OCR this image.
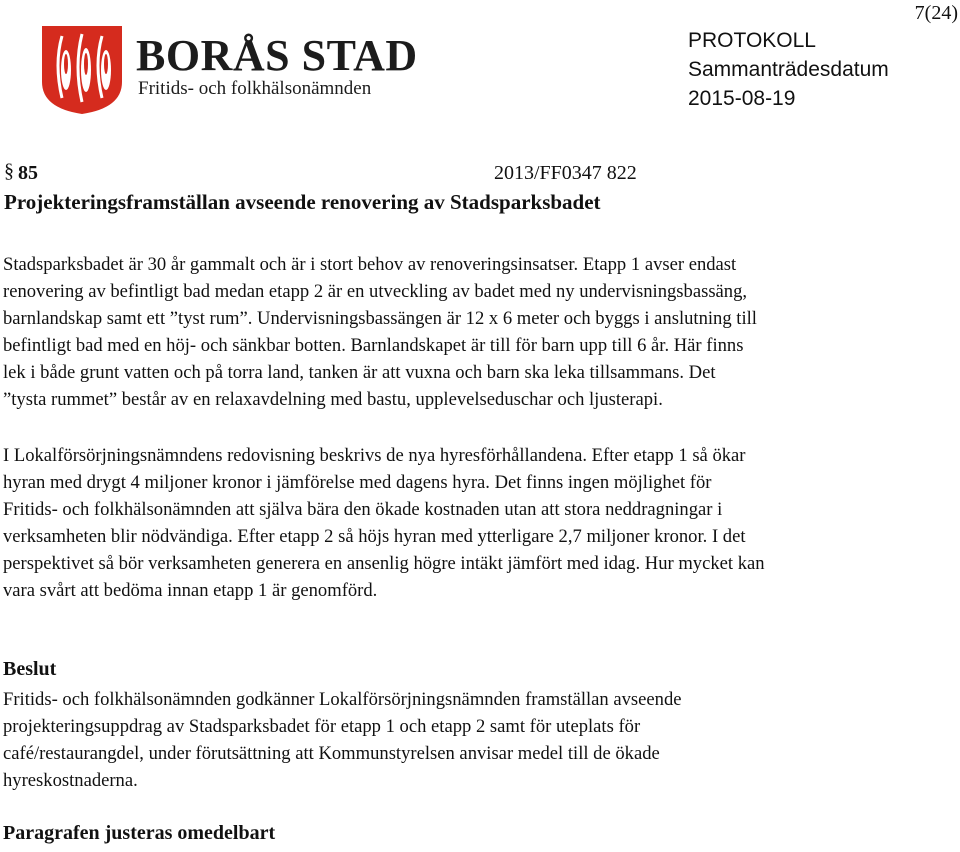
7(24)
BORÅS STAD
Fritids- och folkhälsonämnden
PROTOKOLL
Sammanträdesdatum
2015-08-19
§ 85	2013/FF0347 822
Projekteringsframställan avseende renovering av Stadsparksbadet

Stadsparksbadet är 30 år gammalt och är i stort behov av renoveringsinsatser. Etapp 1 avser endast
renovering av befintligt bad medan etapp 2 är en utveckling av badet med ny undervisningsbassäng,
barnlandskap samt ett ”tyst rum”. Undervisningsbassängen är 12 x 6 meter och byggs i anslutning till
befintligt bad med en höj- och sänkbar botten. Barnlandskapet är till för barn upp till 6 år. Här finns
lek i både grunt vatten och på torra land, tanken är att vuxna och barn ska leka tillsammans. Det
”tysta rummet” består av en relaxavdelning med bastu, upplevelseduschar och ljusterapi.

I Lokalförsörjningsnämndens redovisning beskrivs de nya hyresförhållandena. Efter etapp 1 så ökar
hyran med drygt 4 miljoner kronor i jämförelse med dagens hyra. Det finns ingen möjlighet för
Fritids- och folkhälsonämnden att själva bära den ökade kostnaden utan att stora neddragningar i
verksamheten blir nödvändiga. Efter etapp 2 så höjs hyran med ytterligare 2,7 miljoner kronor. I det
perspektivet så bör verksamheten generera en ansenlig högre intäkt jämfört med idag. Hur mycket kan
vara svårt att bedöma innan etapp 1 är genomförd.

Beslut

Fritids- och folkhälsonämnden godkänner Lokalförsörjningsnämnden framställan avseende
projekteringsuppdrag av Stadsparksbadet för etapp 1 och etapp 2 samt för uteplats för
café/restaurangdel, under förutsättning att Kommunstyrelsen anvisar medel till de ökade
hyreskostnaderna.

Paragrafen justeras omedelbart
